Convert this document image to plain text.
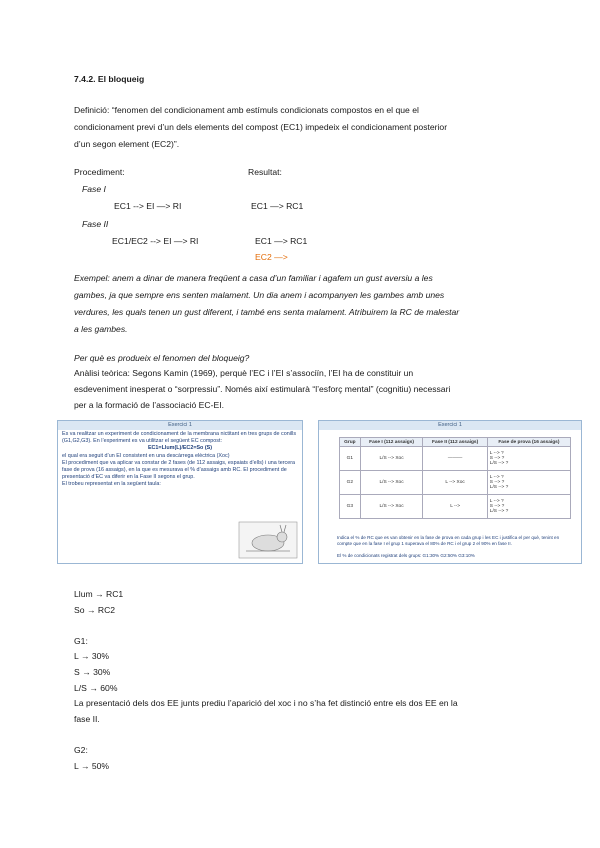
7.4.2. El bloqueig
Definició: “fenomen del condicionament amb estímuls condicionats compostos en el que el
condicionament previ d’un dels elements del compost (EC1) impedeix el condicionament posterior
d’un segon element (EC2)”.
Procediment:	Resultat:
Fase I
EC1 --> EI —> RI	EC1 —> RC1
Fase II
EC1/EC2 --> EI —> RI	EC1 —> RC1
EC2 —>
Exempel: anem a dinar de manera freqüent a casa d’un familiar i agafem un gust aversiu a les
gambes, ja que sempre ens senten malament. Un dia anem i acompanyen les gambes amb unes
verdures, les quals tenen un gust diferent, i també ens senta malament. Atribuirem la RC de malestar
a les gambes.
Per què es produeix el fenomen del bloqueig?
Anàlisi teòrica: Segons Kamin (1969), perquè l’EC i l’EI s’associïn, l’EI ha de constituir un
esdeveniment inesperat o “sorpressiu”. Només així estimularà “l’esforç mental” (cognitiu) necessari
per a la formació de l’associació EC-EI.
Exercici 1
Es va realitzar un experiment de condicionament de la membrana nictitant en tres grups de conills (G1,G2,G3). En l’experiment es va utilitzar el següent EC compost:
EC1=Llum(L)/EC2=So (S)
el qual era seguit d’un EI consistent en una descàrrega elèctrica (Xoc)
El procediment que va aplicar va constar de 2 fases (de 112 assaigs, espaiats d’ells) i una tercera fase de prova (16 assaigs), en la que es mesurava el % d’assaigs amb RC. El procediment de presentació d’EC va diferir en la Fase II segons el grup.
El trobeu representat en la següent taula:
Exercici 1
Grup	Fase I (112 assaigs)	Fase II (112 assaigs)	Fase de prova (16 assaigs)
G1	L/S --> Xoc	———	L --> ?
S --> ?
L/S --> ?

G2	L/S --> Xoc	L --> Xoc	L --> ?
S --> ?
L/S --> ?

G3	L/S --> Xoc	L -->	L --> ?
S --> ?
L/S --> ?
Indica el % de RC que es van obtenir en la fase de prova en cada grup i les EC i justifica el per què, tenint en compte que en la fase I el grup 1 superava el 80% de RC i el grup 2 el 90% en fase II.
El % de condicionats registrat dels grups: G1:30% G2:50% G3:10%
Llum → RC1
So → RC2
G1:
L → 30%
S → 30%
L/S → 60%
La presentació dels dos EE junts prediu l’aparició del xoc i no s’ha fet distinció entre els dos EE en la
fase II.
G2:
L → 50%
